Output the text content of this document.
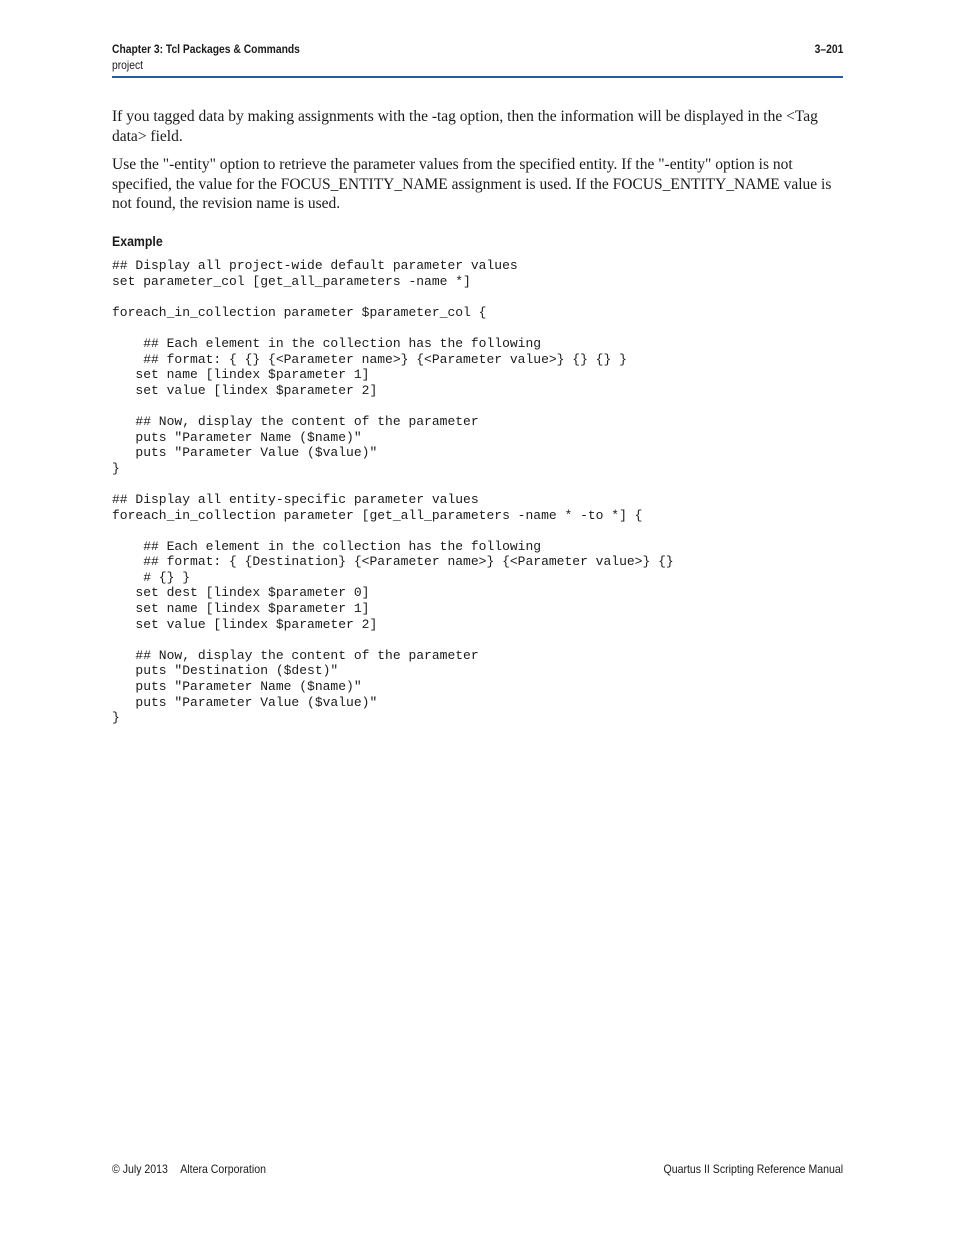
Chapter 3: Tcl Packages & Commands	3–201
project

If you tagged data by making assignments with the -tag option, then the information will be displayed in the <Tag data> field.

Use the "-entity" option to retrieve the parameter values from the specified entity. If the "-entity" option is not specified, the value for the FOCUS_ENTITY_NAME assignment is used. If the FOCUS_ENTITY_NAME value is not found, the revision name is used.

Example
## Display all project-wide default parameter values
set parameter_col [get_all_parameters -name *]
foreach_in_collection parameter $parameter_col {
## Each element in the collection has the following
## format: { {} {<Parameter name>} {<Parameter value>} {} {} }
set name [lindex $parameter 1]
set value [lindex $parameter 2]
## Now, display the content of the parameter
puts "Parameter Name ($name)"
puts "Parameter Value ($value)"
}
## Display all entity-specific parameter values
foreach_in_collection parameter [get_all_parameters -name * -to *] {
## Each element in the collection has the following
## format: { {Destination} {<Parameter name>} {<Parameter value>} {}
# {} }
set dest [lindex $parameter 0]
set name [lindex $parameter 1]
set value [lindex $parameter 2]
## Now, display the content of the parameter
puts "Destination ($dest)"
puts "Parameter Name ($name)"
puts "Parameter Value ($value)"
}
© July 2013 Altera Corporation	Quartus II Scripting Reference Manual
